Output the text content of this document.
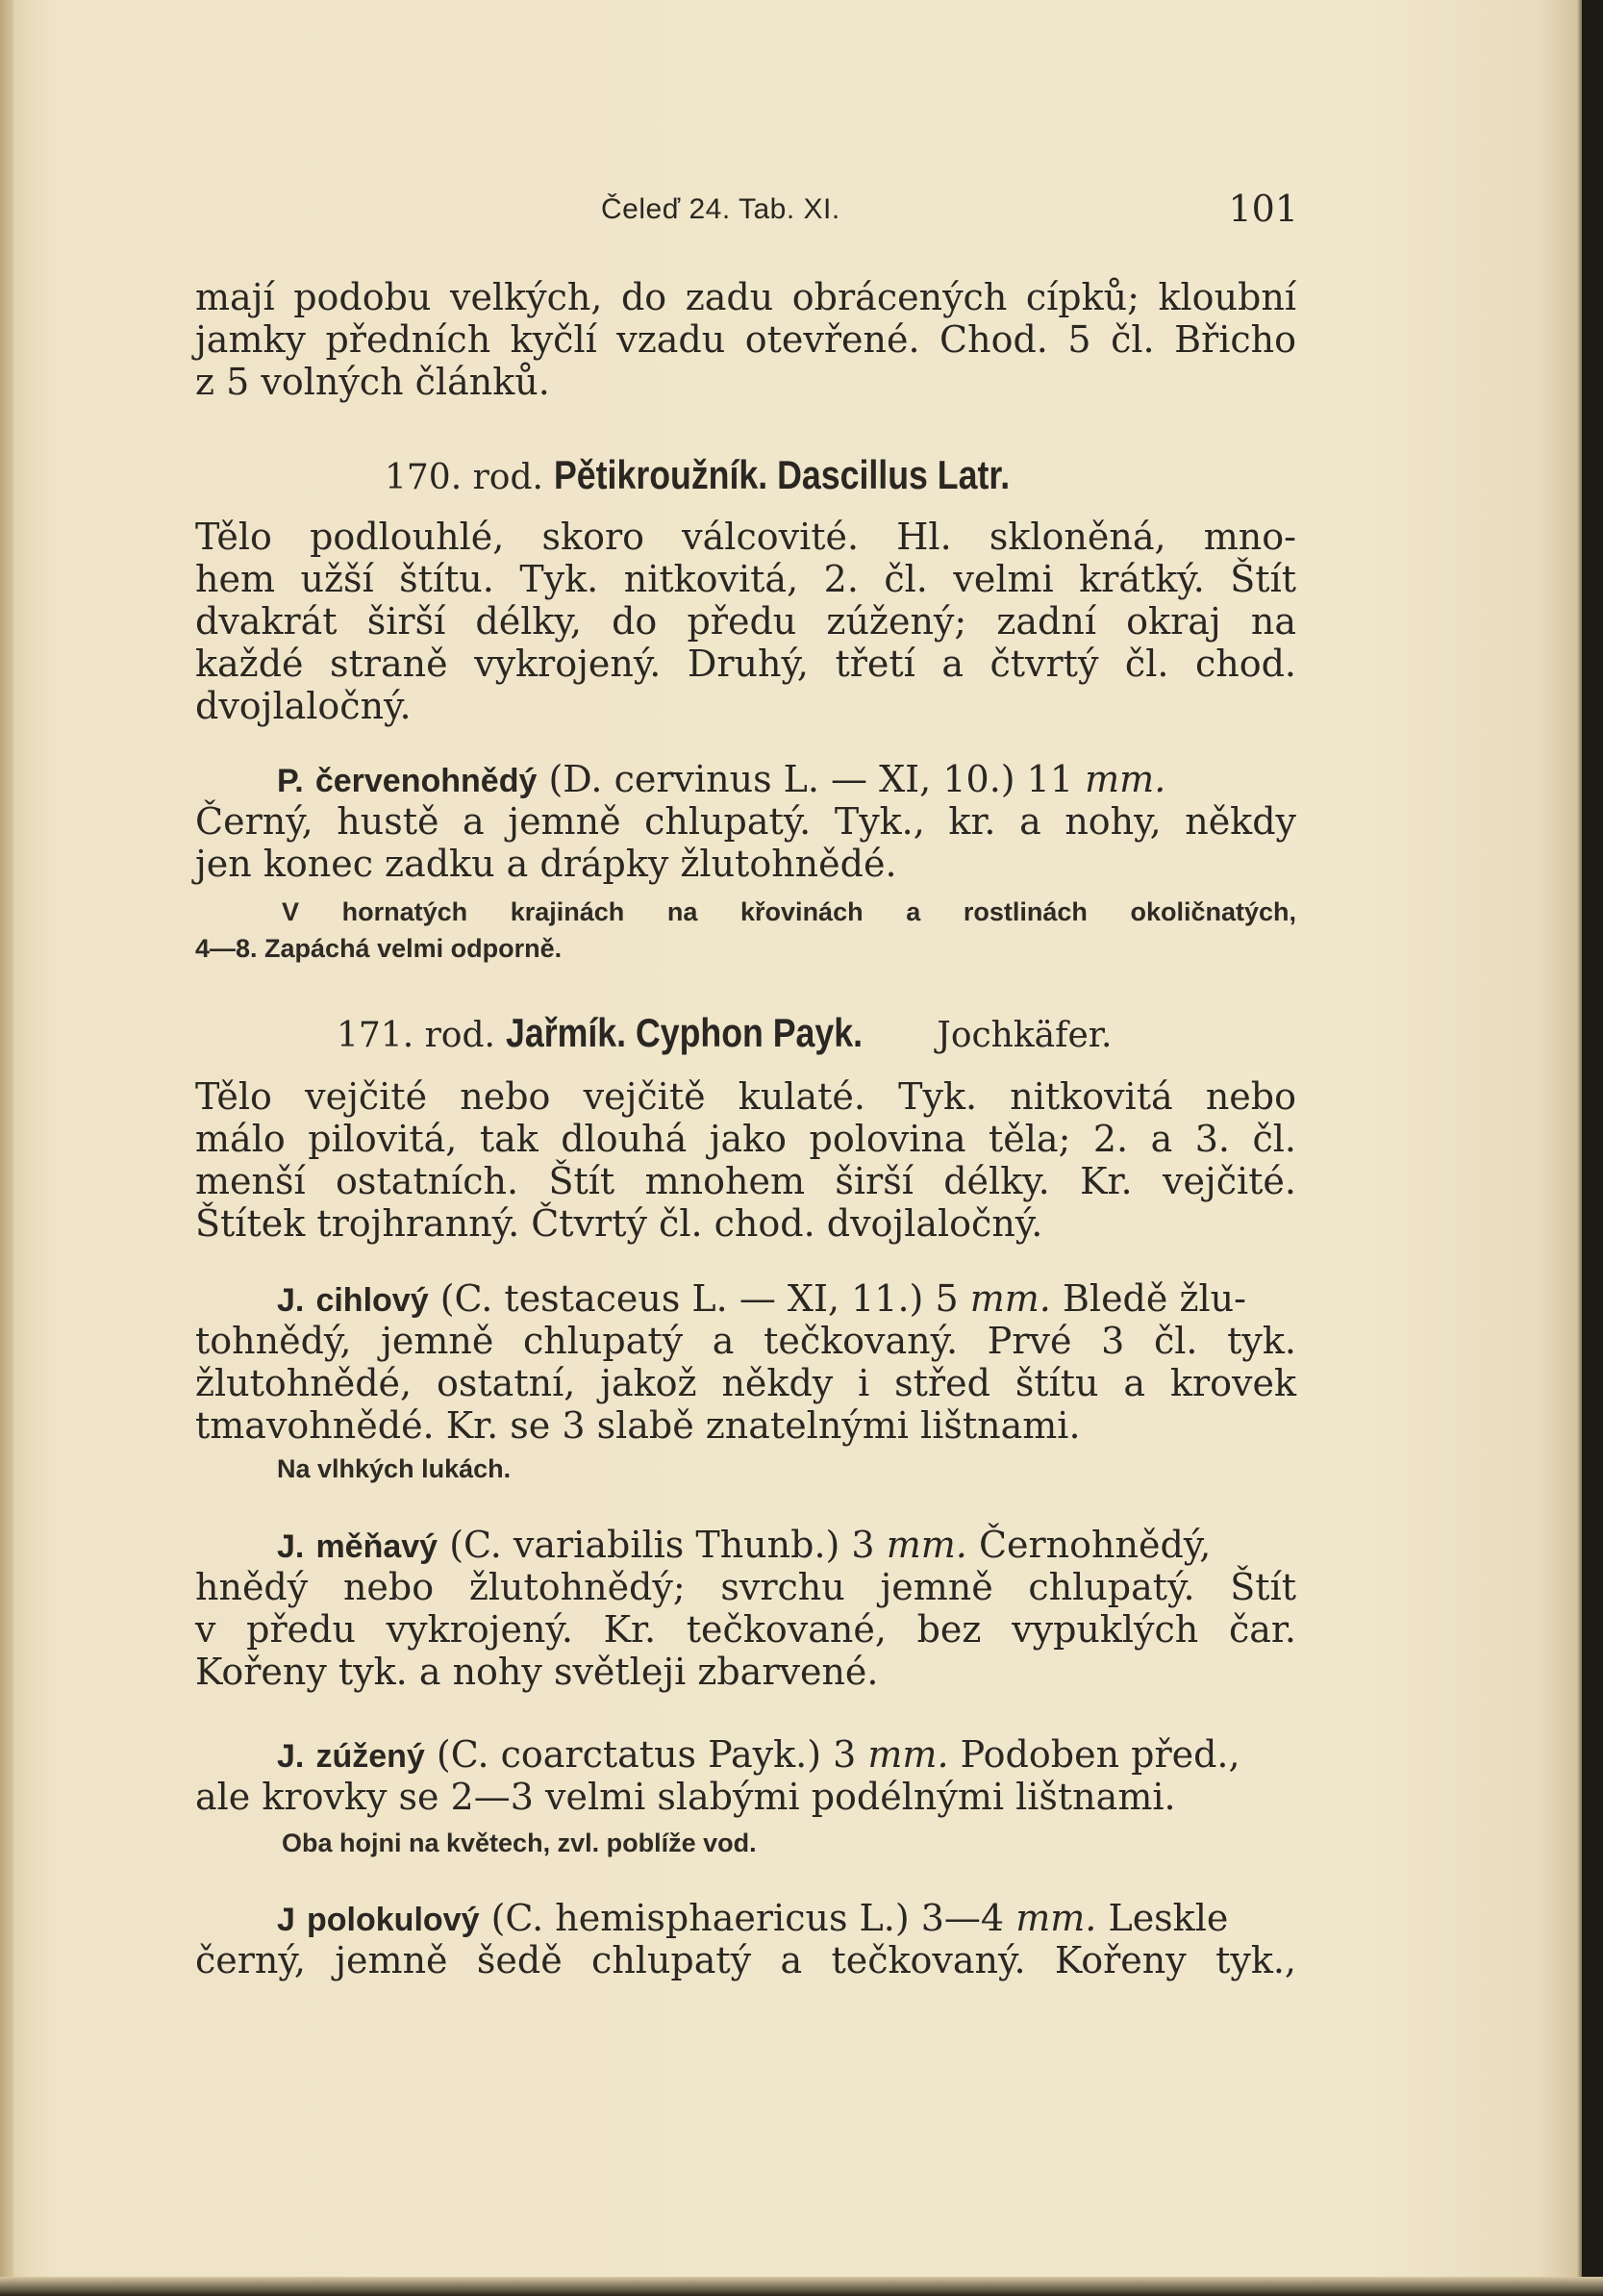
Čeleď 24. Tab. XI.	101
mají podobu velkých, do zadu obrácených cípků; kloubní
jamky předních kyčlí vzadu otevřené. Chod. 5 čl. Břicho
z 5 volných článků.
170. rod. Pětikroužník. Dascillus Latr.
Tělo podlouhlé, skoro válcovité. Hl. skloněná, mno-
hem užší štítu. Tyk. nitkovitá, 2. čl. velmi krátký. Štít
dvakrát širší délky, do předu zúžený; zadní okraj na
každé straně vykrojený. Druhý, třetí a čtvrtý čl. chod.
dvojlaločný.
P. červenohnědý (D. cervinus L. — XI, 10.) 11 mm.
Černý, hustě a jemně chlupatý. Tyk., kr. a nohy, někdy
jen konec zadku a drápky žlutohnědé.
V hornatých krajinách na křovinách a rostlinách okoličnatých,
4—8. Zapáchá velmi odporně.
171. rod. Jařmík. Cyphon Payk. Jochkäfer.
Tělo vejčité nebo vejčitě kulaté. Tyk. nitkovitá nebo
málo pilovitá, tak dlouhá jako polovina těla; 2. a 3. čl.
menší ostatních. Štít mnohem širší délky. Kr. vejčité.
Štítek trojhranný. Čtvrtý čl. chod. dvojlaločný.
J. cihlový (C. testaceus L. — XI, 11.) 5 mm. Bledě žlu-
tohnědý, jemně chlupatý a tečkovaný. Prvé 3 čl. tyk.
žlutohnědé, ostatní, jakož někdy i střed štítu a krovek
tmavohnědé. Kr. se 3 slabě znatelnými lištnami.
Na vlhkých lukách.
J. měňavý (C. variabilis Thunb.) 3 mm. Černohnědý,
hnědý nebo žlutohnědý; svrchu jemně chlupatý. Štít
v předu vykrojený. Kr. tečkované, bez vypuklých čar.
Kořeny tyk. a nohy světleji zbarvené.
J. zúžený (C. coarctatus Payk.) 3 mm. Podoben před.,
ale krovky se 2—3 velmi slabými podélnými lištnami.
Oba hojni na květech, zvl. poblíže vod.
J polokulový (C. hemisphaericus L.) 3—4 mm. Leskle
černý, jemně šedě chlupatý a tečkovaný. Kořeny tyk.,
